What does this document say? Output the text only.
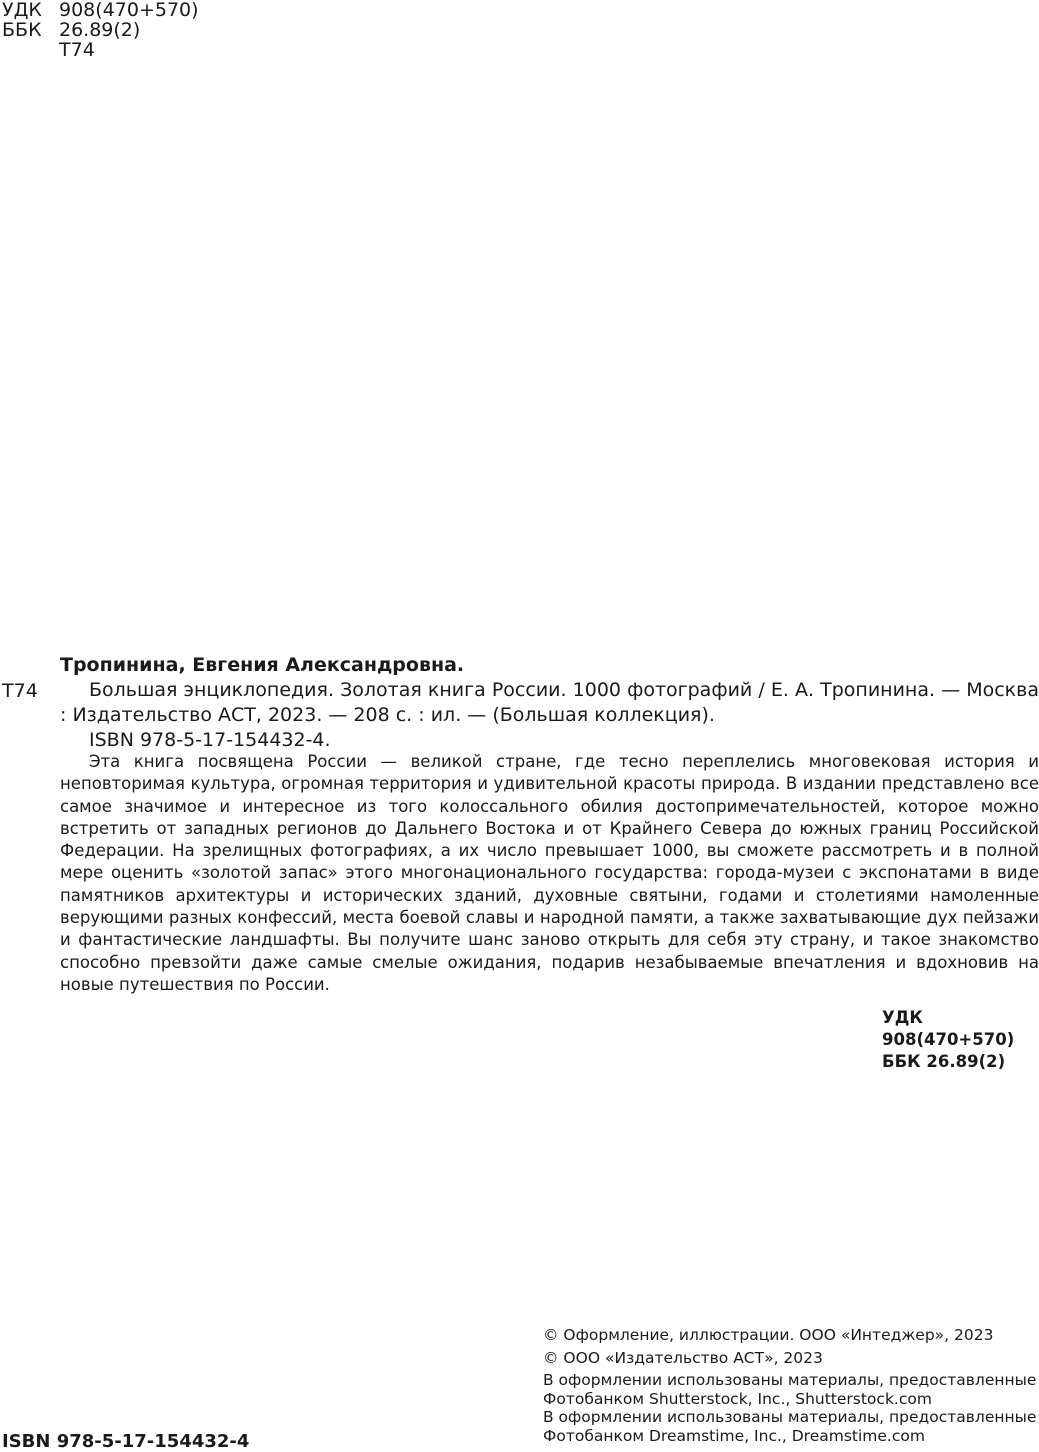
УДК 908(470+570)
ББК 26.89(2)
Т74
Тропинина, Евгения Александровна.
Т74	Большая энциклопедия. Золотая книга России. 1000 фотографий / Е. А. Тропинина. — Москва : Издательство АСТ, 2023. — 208 с. : ил. — (Большая коллекция).

ISBN 978-5-17-154432-4.

Эта книга посвящена России — великой стране, где тесно переплелись многовековая история и неповторимая культура, огромная территория и удивительной красоты природа. В издании представлено все самое значимое и интересное из того колоссального обилия достопримечательностей, которое можно встретить от западных регионов до Дальнего Востока и от Крайнего Севера до южных границ Российской Федерации. На зрелищных фотографиях, а их число превышает 1000, вы сможете рассмотреть и в полной мере оценить «золотой запас» этого многонационального государства: города-музеи с экспонатами в виде памятников архитектуры и исторических зданий, духовные святыни, годами и столетиями намоленные верующими разных конфессий, места боевой славы и народной памяти, а также захватывающие дух пейзажи и фантастические ландшафты. Вы получите шанс заново открыть для себя эту страну, и такое знакомство способно превзойти даже самые смелые ожидания, подарив незабываемые впечатления и вдохновив на новые путешествия по России.

УДК 908(470+570)
ББК 26.89(2)
© Оформление, иллюстрации. ООО «Интеджер», 2023
© ООО «Издательство АСТ», 2023
В оформлении использованы материалы, предоставленные Фотобанком Shutterstock, Inc., Shutterstock.com
В оформлении использованы материалы, предоставленные Фотобанком Dreamstime, Inc., Dreamstime.com
ISBN 978-5-17-154432-4
